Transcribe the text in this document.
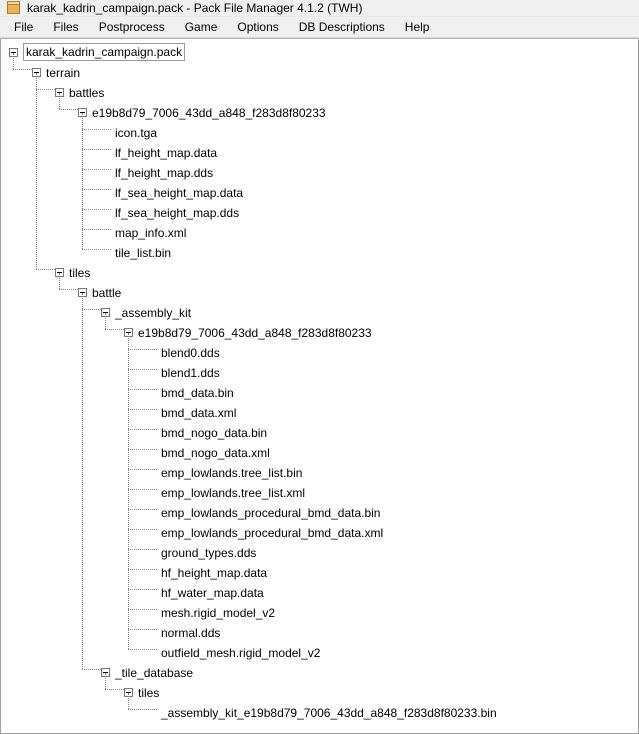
karak_kadrin_campaign.pack - Pack File Manager 4.1.2 (TWH)
File	Files	Postprocess	Game	Options	DB Descriptions	Help
karak_kadrin_campaign.pack
terrain
battles
e19b8d79_7006_43dd_a848_f283d8f80233
icon.tga
lf_height_map.data
lf_height_map.dds
lf_sea_height_map.data
lf_sea_height_map.dds
map_info.xml
tile_list.bin
tiles
battle
_assembly_kit
e19b8d79_7006_43dd_a848_f283d8f80233
blend0.dds
blend1.dds
bmd_data.bin
bmd_data.xml
bmd_nogo_data.bin
bmd_nogo_data.xml
emp_lowlands.tree_list.bin
emp_lowlands.tree_list.xml
emp_lowlands_procedural_bmd_data.bin
emp_lowlands_procedural_bmd_data.xml
ground_types.dds
hf_height_map.data
hf_water_map.data
mesh.rigid_model_v2
normal.dds
outfield_mesh.rigid_model_v2
_tile_database
tiles
_assembly_kit_e19b8d79_7006_43dd_a848_f283d8f80233.bin
